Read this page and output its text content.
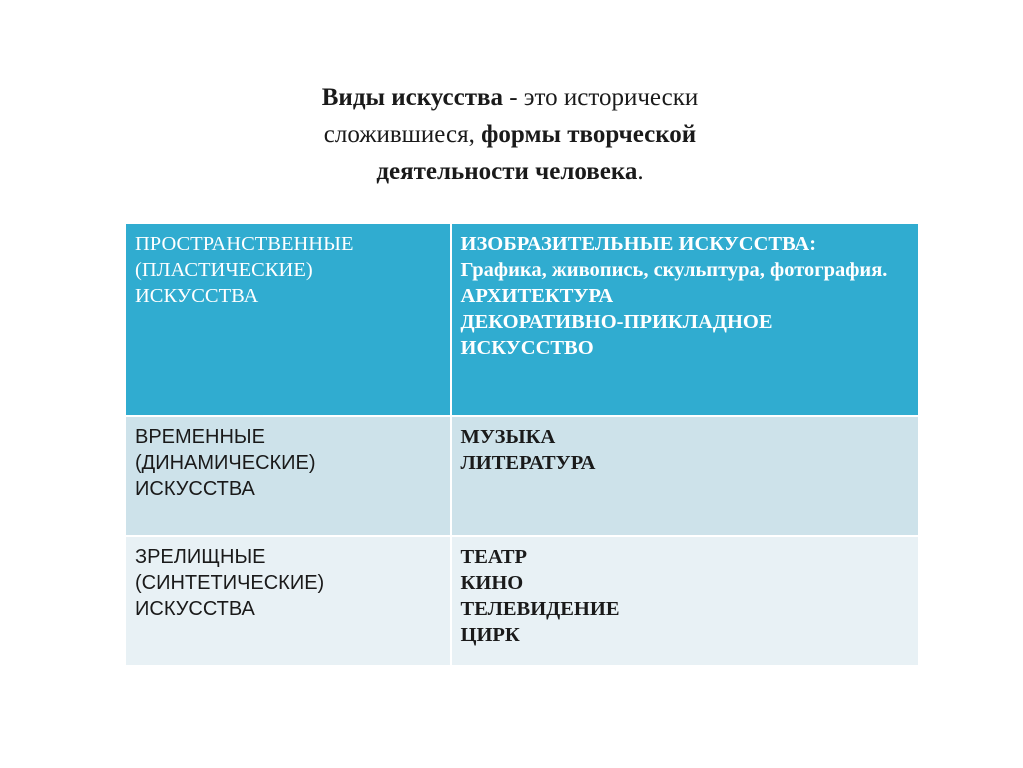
Виды искусства - это исторически сложившиеся, формы творческой деятельности человека.
ПРОСТРАНСТВЕННЫЕ
(ПЛАСТИЧЕСКИЕ)
ИСКУССТВА	ИЗОБРАЗИТЕЛЬНЫЕ ИСКУССТВА:
Графика, живопись, скульптура, фотография.
АРХИТЕКТУРА
ДЕКОРАТИВНО-ПРИКЛАДНОЕ ИСКУССТВО

ВРЕМЕННЫЕ
(ДИНАМИЧЕСКИЕ)
ИСКУССТВА	МУЗЫКА
ЛИТЕРАТУРА

ЗРЕЛИЩНЫЕ
(СИНТЕТИЧЕСКИЕ)
ИСКУССТВА	ТЕАТР
КИНО
ТЕЛЕВИДЕНИЕ
ЦИРК
